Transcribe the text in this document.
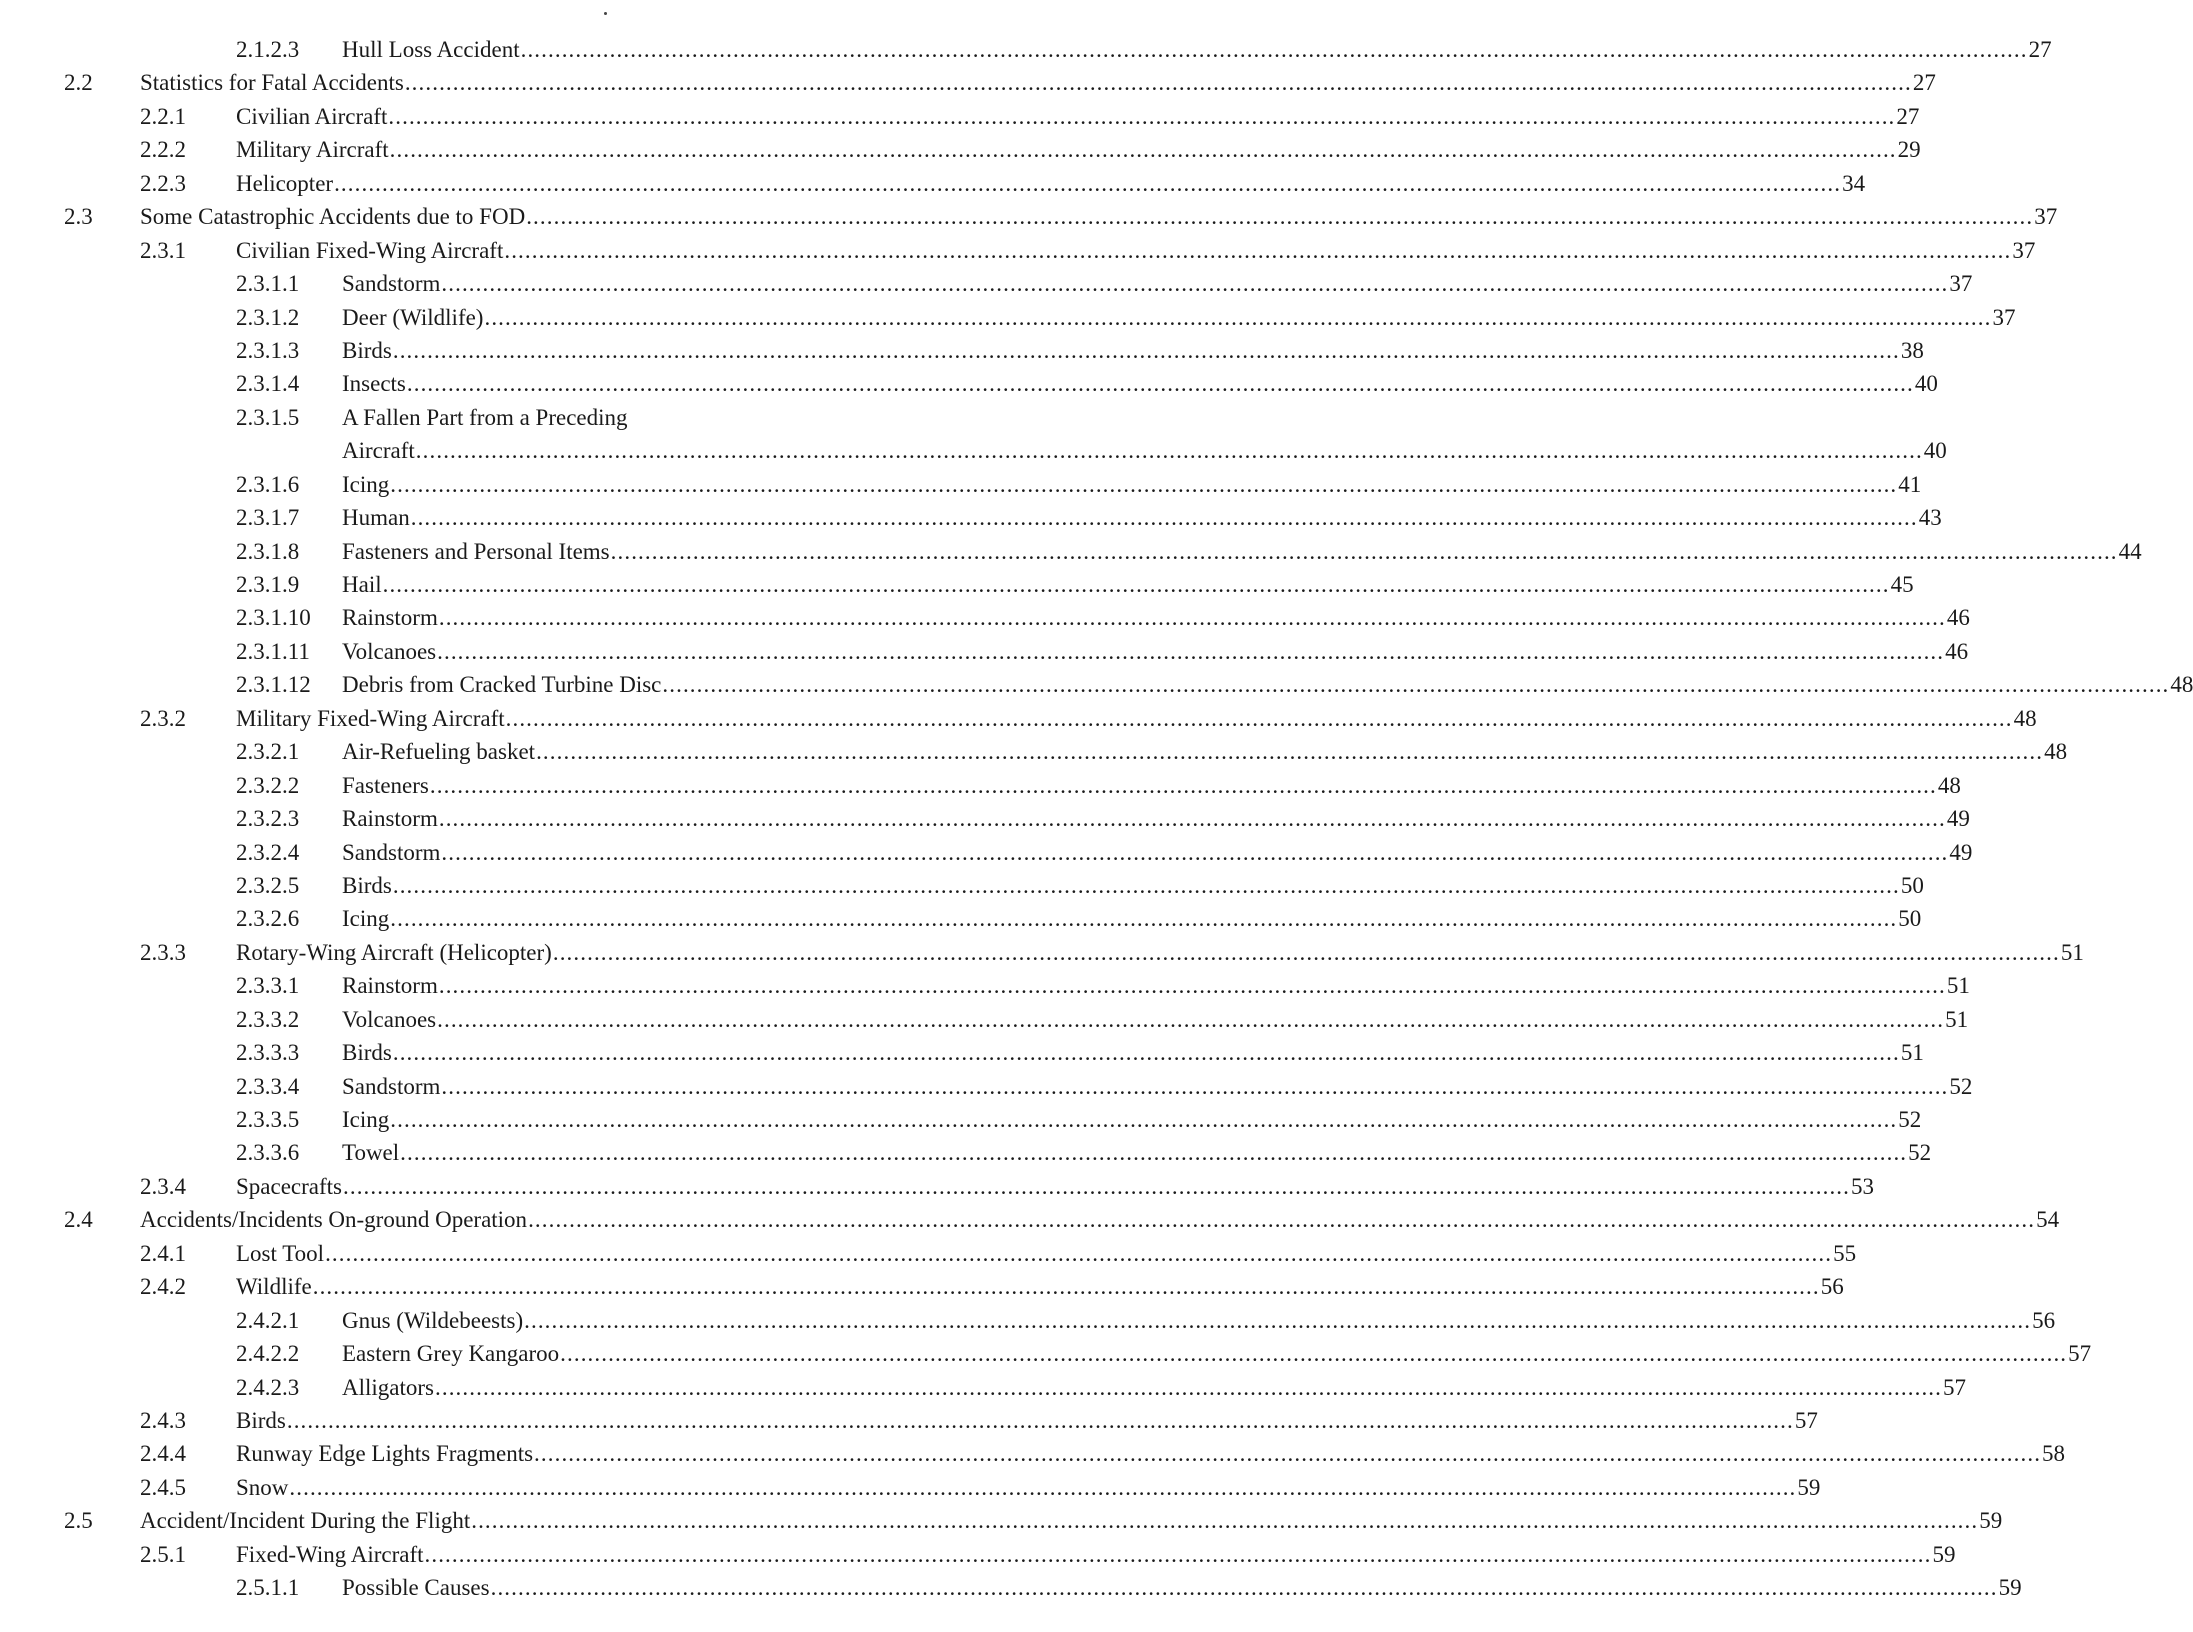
2.1.2.3 Hull Loss Accident ............................................................................................................................................................................................................................ 27
2.2 Statistics for Fatal Accidents ............................................................................................................................................................................................................................ 27
2.2.1 Civilian Aircraft ............................................................................................................................................................................................................................ 27
2.2.2 Military Aircraft ............................................................................................................................................................................................................................ 29
2.2.3 Helicopter ............................................................................................................................................................................................................................ 34
2.3 Some Catastrophic Accidents due to FOD ............................................................................................................................................................................................................................ 37
2.3.1 Civilian Fixed-Wing Aircraft ............................................................................................................................................................................................................................ 37
2.3.1.1 Sandstorm ............................................................................................................................................................................................................................ 37
2.3.1.2 Deer (Wildlife) ............................................................................................................................................................................................................................ 37
2.3.1.3 Birds ............................................................................................................................................................................................................................ 38
2.3.1.4 Insects ............................................................................................................................................................................................................................ 40
2.3.1.5 A Fallen Part from a Preceding
Aircraft ............................................................................................................................................................................................................................ 40
2.3.1.6 Icing ............................................................................................................................................................................................................................ 41
2.3.1.7 Human ............................................................................................................................................................................................................................ 43
2.3.1.8 Fasteners and Personal Items ............................................................................................................................................................................................................................ 44
2.3.1.9 Hail ............................................................................................................................................................................................................................ 45
2.3.1.10 Rainstorm ............................................................................................................................................................................................................................ 46
2.3.1.11 Volcanoes ............................................................................................................................................................................................................................ 46
2.3.1.12 Debris from Cracked Turbine Disc ............................................................................................................................................................................................................................ 48
2.3.2 Military Fixed-Wing Aircraft ............................................................................................................................................................................................................................ 48
2.3.2.1 Air-Refueling basket ............................................................................................................................................................................................................................ 48
2.3.2.2 Fasteners ............................................................................................................................................................................................................................ 48
2.3.2.3 Rainstorm ............................................................................................................................................................................................................................ 49
2.3.2.4 Sandstorm ............................................................................................................................................................................................................................ 49
2.3.2.5 Birds ............................................................................................................................................................................................................................ 50
2.3.2.6 Icing ............................................................................................................................................................................................................................ 50
2.3.3 Rotary-Wing Aircraft (Helicopter) ............................................................................................................................................................................................................................ 51
2.3.3.1 Rainstorm ............................................................................................................................................................................................................................ 51
2.3.3.2 Volcanoes ............................................................................................................................................................................................................................ 51
2.3.3.3 Birds ............................................................................................................................................................................................................................ 51
2.3.3.4 Sandstorm ............................................................................................................................................................................................................................ 52
2.3.3.5 Icing ............................................................................................................................................................................................................................ 52
2.3.3.6 Towel ............................................................................................................................................................................................................................ 52
2.3.4 Spacecrafts ............................................................................................................................................................................................................................ 53
2.4 Accidents/Incidents On-ground Operation ............................................................................................................................................................................................................................ 54
2.4.1 Lost Tool ............................................................................................................................................................................................................................ 55
2.4.2 Wildlife ............................................................................................................................................................................................................................ 56
2.4.2.1 Gnus (Wildebeests) ............................................................................................................................................................................................................................ 56
2.4.2.2 Eastern Grey Kangaroo ............................................................................................................................................................................................................................ 57
2.4.2.3 Alligators ............................................................................................................................................................................................................................ 57
2.4.3 Birds ............................................................................................................................................................................................................................ 57
2.4.4 Runway Edge Lights Fragments ............................................................................................................................................................................................................................ 58
2.4.5 Snow ............................................................................................................................................................................................................................ 59
2.5 Accident/Incident During the Flight ............................................................................................................................................................................................................................ 59
2.5.1 Fixed-Wing Aircraft ............................................................................................................................................................................................................................ 59
2.5.1.1 Possible Causes ............................................................................................................................................................................................................................ 59
